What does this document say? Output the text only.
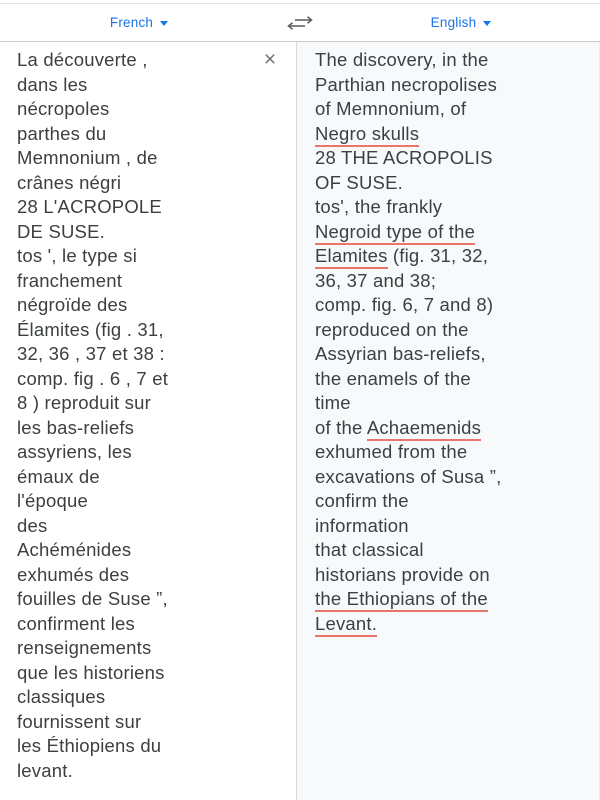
French	English
La découverte ,
dans les
nécropoles
parthes du
Memnonium , de
crânes négri
28 L'ACROPOLE
DE SUSE.
tos ', le type si
franchement
négroïde des
Élamites (fig . 31,
32, 36 , 37 et 38 :
comp. fig . 6 , 7 et
8 ) reproduit sur
les bas-reliefs
assyriens, les
émaux de
l'époque
des
Achéménides
exhumés des
fouilles de Suse ”,
confirment les
renseignements
que les historiens
classiques
fournissent sur
les Éthiopiens du
levant.
× The discovery, in the
Parthian necropolises
of Memnonium, of
Negro skulls
28 THE ACROPOLIS
OF SUSE.
tos', the frankly
Negroid type of the
Elamites (fig. 31, 32,
36, 37 and 38;
comp. fig. 6, 7 and 8)
reproduced on the
Assyrian bas-reliefs,
the enamels of the
time
of the Achaemenids
exhumed from the
excavations of Susa ”,
confirm the
information
that classical
historians provide on
the Ethiopians of the
Levant.
